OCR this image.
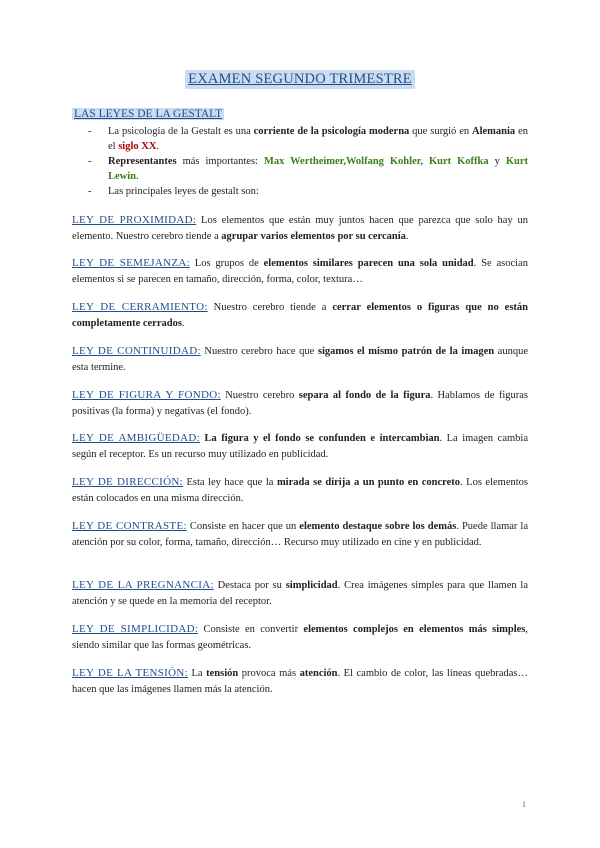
EXAMEN SEGUNDO TRIMESTRE
LAS LEYES DE LA GESTALT
- La psicología de la Gestalt es una corriente de la psicología moderna que surgió en Alemania en el siglo XX.
- Representantes más importantes: Max Wertheimer,Wolfang Kohler, Kurt Koffka y Kurt Lewin.
- Las principales leyes de gestalt son:

LEY DE PROXIMIDAD: Los elementos que están muy juntos hacen que parezca que solo hay un elemento. Nuestro cerebro tiende a agrupar varios elementos por su cercanía.

LEY DE SEMEJANZA: Los grupos de elementos similares parecen una sola unidad. Se asocian elementos si se parecen en tamaño, dirección, forma, color, textura…

LEY DE CERRAMIENTO: Nuestro cerebro tiende a cerrar elementos o figuras que no están completamente cerrados.

LEY DE CONTINUIDAD: Nuestro cerebro hace que sigamos el mismo patrón de la imagen aunque esta termine.

LEY DE FIGURA Y FONDO: Nuestro cerebro separa al fondo de la figura. Hablamos de figuras positivas (la forma) y negativas (el fondo).

LEY DE AMBIGÜEDAD: La figura y el fondo se confunden e intercambian. La imagen cambia según el receptor. Es un recurso muy utilizado en publicidad.

LEY DE DIRECCIÓN: Esta ley hace que la mirada se dirija a un punto en concreto. Los elementos están colocados en una misma dirección.

LEY DE CONTRASTE: Consiste en hacer que un elemento destaque sobre los demás. Puede llamar la atención por su color, forma, tamaño, dirección… Recurso muy utilizado en cine y en publicidad.

LEY DE LA PREGNANCIA: Destaca por su simplicidad. Crea imágenes simples para que llamen la atención y se quede en la memoria del receptor.

LEY DE SIMPLICIDAD: Consiste en convertir elementos complejos en elementos más simples, siendo similar que las formas geométricas.

LEY DE LA TENSIÓN: La tensión provoca más atención. El cambio de color, las líneas quebradas… hacen que las imágenes llamen más la atención.

1
